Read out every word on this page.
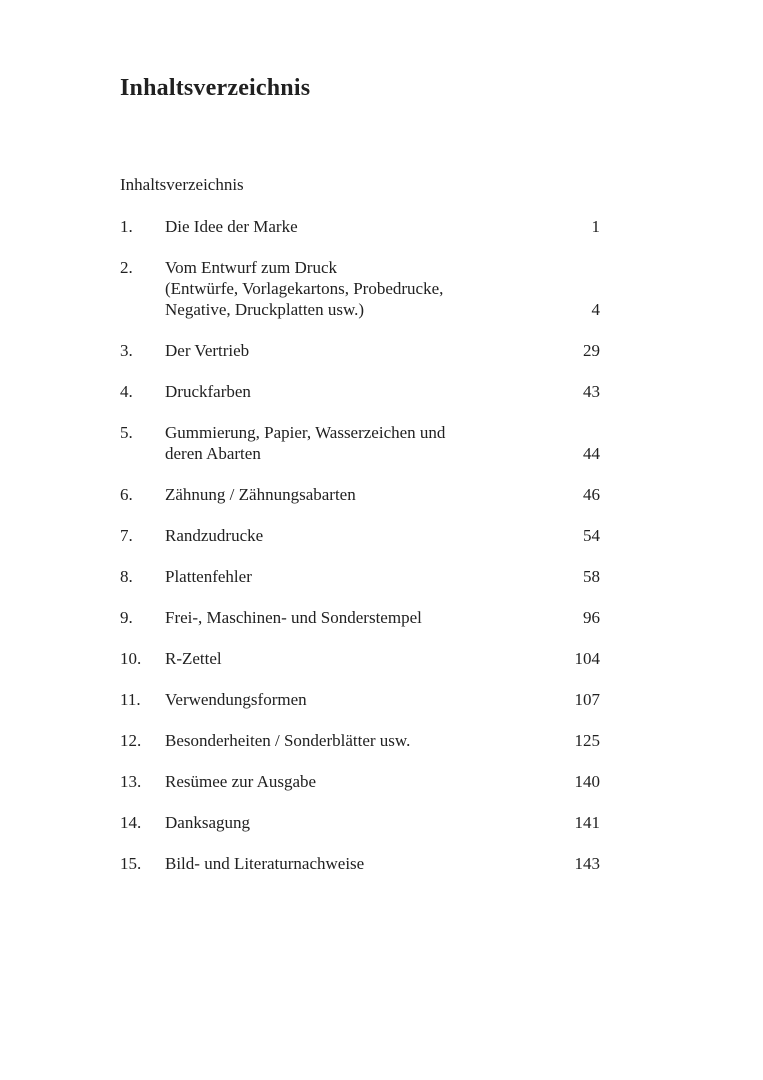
Inhaltsverzeichnis
Inhaltsverzeichnis
1.	Die Idee der Marke	1
2.	Vom Entwurf zum Druck
(Entwürfe, Vorlagekartons, Probedrucke,
Negative, Druckplatten usw.)	4
3.	Der Vertrieb	29
4.	Druckfarben	43
5.	Gummierung, Papier, Wasserzeichen und
deren Abarten	44
6.	Zähnung / Zähnungsabarten	46
7.	Randzudrucke	54
8.	Plattenfehler	58
9.	Frei-, Maschinen- und Sonderstempel	96
10.	R-Zettel	104
11.	Verwendungsformen	107
12.	Besonderheiten / Sonderblätter usw.	125
13.	Resümee zur Ausgabe	140
14.	Danksagung	141
15.	Bild- und Literaturnachweise	143
